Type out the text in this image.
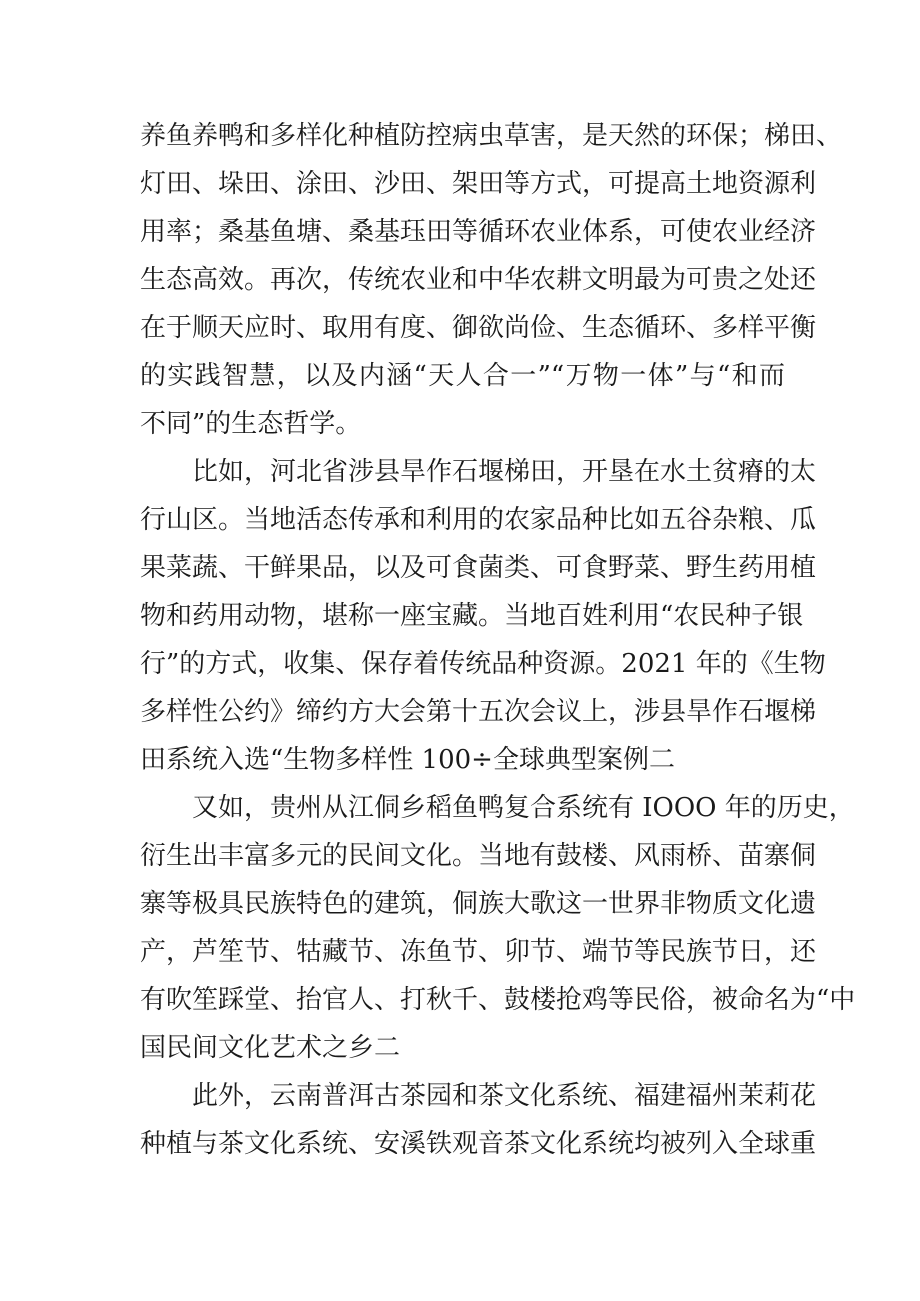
养鱼养鸭和多样化种植防控病虫草害，是天然的环保；梯田、
灯田、垛田、涂田、沙田、架田等方式，可提高土地资源利
用率；桑基鱼塘、桑基珏田等循环农业体系，可使农业经济
生态高效。再次，传统农业和中华农耕文明最为可贵之处还
在于顺天应时、取用有度、御欲尚俭、生态循环、多样平衡
的实践智慧，以及内涵“天人合一”“万物一体”与“和而
不同”的生态哲学。
比如，河北省涉县旱作石堰梯田，开垦在水土贫瘠的太
行山区。当地活态传承和利用的农家品种比如五谷杂粮、瓜
果菜蔬、干鲜果品，以及可食菌类、可食野菜、野生药用植
物和药用动物，堪称一座宝藏。当地百姓利用“农民种子银
行”的方式，收集、保存着传统品种资源。2021 年的《生物
多样性公约》缔约方大会第十五次会议上，涉县旱作石堰梯
田系统入选“生物多样性 100÷全球典型案例二
又如，贵州从江侗乡稻鱼鸭复合系统有 IOOO 年的历史，
衍生出丰富多元的民间文化。当地有鼓楼、风雨桥、苗寨侗
寨等极具民族特色的建筑，侗族大歌这一世界非物质文化遗
产，芦笙节、牯藏节、冻鱼节、卯节、端节等民族节日，还
有吹笙踩堂、抬官人、打秋千、鼓楼抢鸡等民俗，被命名为“中
国民间文化艺术之乡二
此外，云南普洱古茶园和茶文化系统、福建福州茉莉花
种植与茶文化系统、安溪铁观音茶文化系统均被列入全球重
